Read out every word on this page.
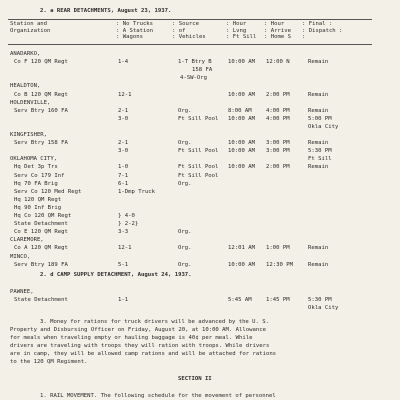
2. a REAR DETACHMENTS, August 23, 1937.
Station and
Organization
: No Trucks
: A Station
: Wagons
: Source
: of
: Vehicles
: Hour
: Lvng
: Ft Sill
: Hour
: Arrive
: Home S
: Final :
: Dispatch :
:
ANADARKO,
Co F 120 QM Regt	1-4	1-T Btry B	10:00 AM 12:00 N	Remain
158 FA
4-SW-Org
HEALDTON,
Co B 120 QM Regt	12-1	10:00 AM 2:00 PM	Remain
HOLDENVILLE,
Serv Btry 160 FA	2-1	Org.	8:00 AM	4:00 PM	Remain
3-0	Ft Sill Pool 10:00 AM 4:00 PM	5:00 PM
Okla City
KINGFISHER,
Serv Btry 158 FA	2-1	Org.	10:00 AM 3:00 PM	Remain
3-0	Ft Sill Pool 10:00 AM 3:00 PM	5:30 PM
OKLAHOMA CITY,	Ft Sill
Hq Det 3p Trs	1-0	Ft Sill Pool 10:00 AM 2:00 PM	Remain
Serv Co 179 Inf	7-1	Ft Sill Pool
Hq 70 FA Brig	6-1	Org.
Serv Co 120 Med Regt	1-Dmp Truck
Hq 120 QM Regt
Hq 90 Inf Brig
Hq Co 120 QM Regt	} 4-0
State Detachment	} 2-2}
Co E 120 QM Regt	3-3	Org.
CLAREMORE,
Co A 120 QM Regt	12-1	Org.	12:01 AM 1:00 PM	Remain
MINCO,
Serv Btry 189 FA	5-1	Org.	10:00 AM 12:30 PM	Remain
2. d CAMP SUPPLY DETACHMENT, August 24, 1937.
PAWNEE,
State Detachment	1-1	5:45 AM	1:45 PM	5:30 PM
Okla City
3. Money for rations for truck drivers will be advanced by the U. S.
Property and Disbursing Officer on Friday, August 20, at 10:00 AM. Allowance
for meals when traveling empty or hauling baggage is 40¢ per meal. While
drivers are traveling with troops they will ration with troops. While drivers
are in camp, they will be allowed camp rations and will be attached for rations
to the 120 QM Regiment.
SECTION II
1. RAIL MOVEMENT. The following schedule for the movement of personnel
